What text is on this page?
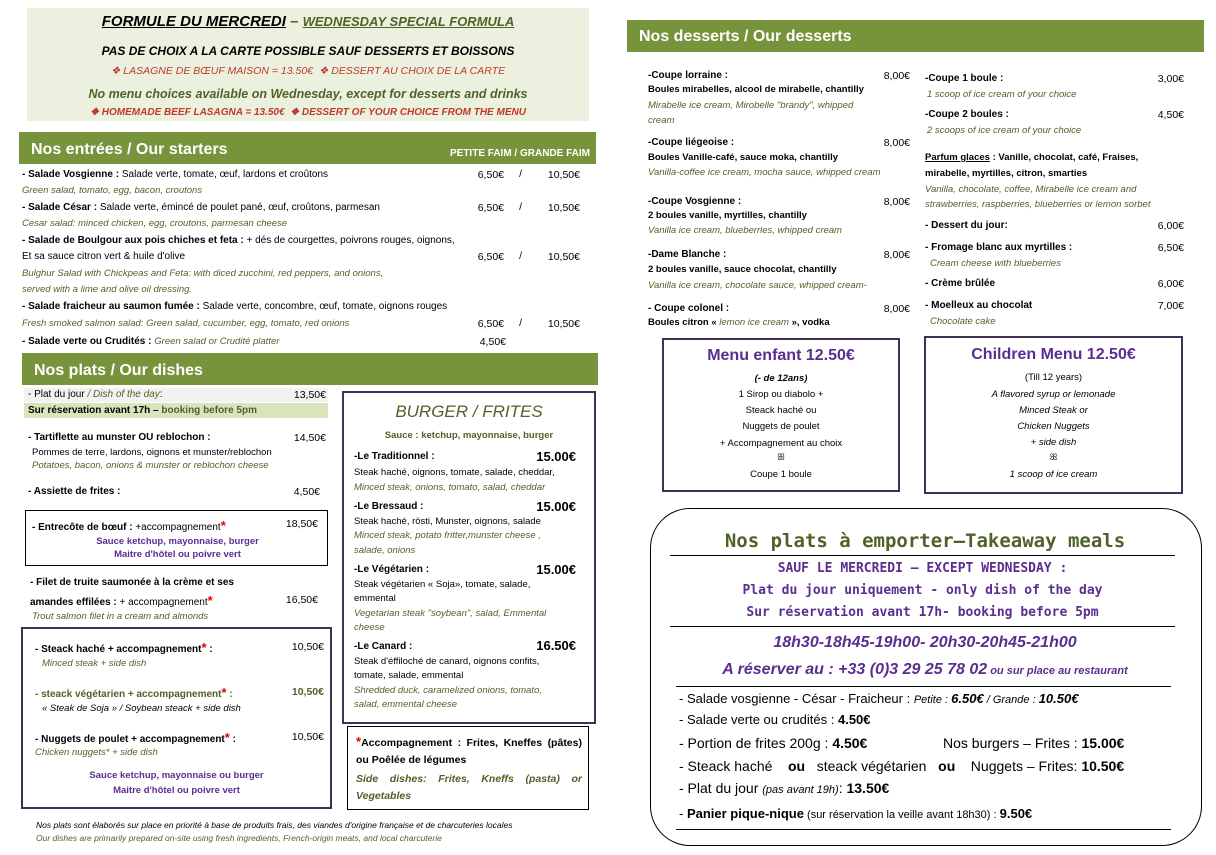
FORMULE DU MERCREDI – WEDNESDAY SPECIAL FORMULA
PAS DE CHOIX A LA CARTE POSSIBLE SAUF DESSERTS ET BOISSONS
❖ LASAGNE DE BŒUF MAISON = 13.50€ ❖ DESSERT AU CHOIX DE LA CARTE
No menu choices available on Wednesday, except for desserts and drinks
❖ HOMEMADE BEEF LASAGNA = 13.50€ ❖ DESSERT OF YOUR CHOICE FROM THE MENU
Nos entrées / Our starters	PETITE FAIM / GRANDE FAIM
- Salade Vosgienne : Salade verte, tomate, œuf, lardons et croûtons
Green salad, tomato, egg, bacon, croutons
6,50€	/	10,50€
- Salade César : Salade verte, émincé de poulet pané, œuf, croûtons, parmesan
Cesar salad: minced chicken, egg, croutons, parmesan cheese
6,50€	/	10,50€
- Salade de Boulgour aux pois chiches et feta : + dés de courgettes, poivrons rouges, oignons,
Et sa sauce citron vert & huile d'olive
Bulghur Salad with Chickpeas and Feta: with diced zucchini, red peppers, and onions,
served with a lime and olive oil dressing.
6,50€	/	10,50€
- Salade fraicheur au saumon fumée : Salade verte, concombre, œuf, tomate, oignons rouges
Fresh smoked salmon salad: Green salad, cucumber, egg, tomato, red onions	6,50€	/	10,50€
- Salade verte ou Crudités : Green salad or Crudité platter	4,50€
Nos plats / Our dishes
- Plat du jour / Dish of the day:	13,50€
Sur réservation avant 17h – booking before 5pm
- Tartiflette au munster OU reblochon :	14,50€
Pommes de terre, lardons, oignons et munster/reblochon
Potatoes, bacon, onions & munster or reblochon cheese
- Assiette de frites :	4,50€
- Entrecôte de bœuf : +accompagnement*	18,50€
Sauce ketchup, mayonnaise, burger
Maitre d'hôtel ou poivre vert
- Filet de truite saumonée à la crème et ses
amandes effilées : + accompagnement*	16,50€
Trout salmon filet in a cream and almonds
- Steack haché + accompagnement* :	10,50€
Minced steak + side dish
- steack végétarien + accompagnement* :	10,50€
« Steak de Soja » / Soybean steack + side dish
- Nuggets de poulet + accompagnement* :	10,50€
Chicken nuggets* + side dish
Sauce ketchup, mayonnaise ou burger
Maitre d'hôtel ou poivre vert
BURGER / FRITES
Sauce : ketchup, mayonnaise, burger
-Le Traditionnel :	15.00€
Steak haché, oignons, tomate, salade, cheddar,
Minced steak, onions, tomato, salad, cheddar
-Le Bressaud :	15.00€
Steak haché, rösti, Munster, oignons, salade
Minced steak, potato fritter,munster cheese ,
salade, onions
-Le Végétarien :	15.00€
Steak végétarien « Soja», tomate, salade,
emmental
Vegetarian steak "soybean", salad, Emmental
cheese
-Le Canard :	16.50€
Steak d'éffiloché de canard, oignons confits,
tomate, salade, emmental
Shredded duck, caramelized onions, tomato,
salad, emmental cheese
*Accompagnement : Frites, Kneffes (pâtes) ou Poêlée de légumes
Side dishes: Frites, Kneffs (pasta) or Vegetables
Nos plats sont élaborés sur place en priorité à base de produits frais, des viandes d'origine française et de charcuteries locales
Our dishes are primarily prepared on-site using fresh ingredients, French-origin meats, and local charcuterie
Nos desserts / Our desserts
-Coupe lorraine :	8,00€
Boules mirabelles, alcool de mirabelle, chantilly
Mirabelle ice cream, Mirobelle "brandy", whipped
cream
-Coupe liégeoise :	8,00€
Boules Vanille-café, sauce moka, chantilly
Vanilla-coffee ice cream, mocha sauce, whipped cream
-Coupe Vosgienne :	8,00€
2 boules vanille, myrtilles, chantilly
Vanilla ice cream, blueberries, whipped cream
-Dame Blanche :	8,00€
2 boules vanille, sauce chocolat, chantilly
Vanilla ice cream, chocolate sauce, whipped cream-
- Coupe colonel :	8,00€
Boules citron « lemon ice cream », vodka
-Coupe 1 boule :	3,00€
1 scoop of ice cream of your choice
-Coupe 2 boules :	4,50€
2 scoops of ice cream of your choice
Parfum glaces : Vanille, chocolat, café, Fraises,
mirabelle, myrtilles, citron, smarties
Vanilla, chocolate, coffee, Mirabelle ice cream and
strawberries, raspberries, blueberries or lemon sorbet
- Dessert du jour:	6,00€
- Fromage blanc aux myrtilles :	6,50€
Cream cheese with blueberries
- Crème brûlée	6,00€
- Moelleux au chocolat	7,00€
Chocolate cake
Menu enfant 12.50€
(- de 12ans)
1 Sirop ou diabolo +
Steack haché ou
Nuggets de poulet
+ Accompagnement au choix
ꕥ
Coupe 1 boule
Children Menu 12.50€
(Till 12 years)
A flavored syrup or lemonade
Minced Steak or
Chicken Nuggets
+ side dish
ꕥ
1 scoop of ice cream
Nos plats à emporter–Takeaway meals
SAUF LE MERCREDI – EXCEPT WEDNESDAY :
Plat du jour uniquement - only dish of the day
Sur réservation avant 17h- booking before 5pm
18h30-18h45-19h00- 20h30-20h45-21h00
A réserver au : +33 (0)3 29 25 78 02 ou sur place au restaurant
- Salade vosgienne - César - Fraicheur : Petite : 6.50€ / Grande : 10.50€
- Salade verte ou crudités : 4.50€
- Portion de frites 200g : 4.50€	Nos burgers – Frites : 15.00€
- Steack haché    ou   steack végétarien   ou    Nuggets – Frites: 10.50€
- Plat du jour (pas avant 19h): 13.50€
- Panier pique-nique (sur réservation la veille avant 18h30) : 9.50€
